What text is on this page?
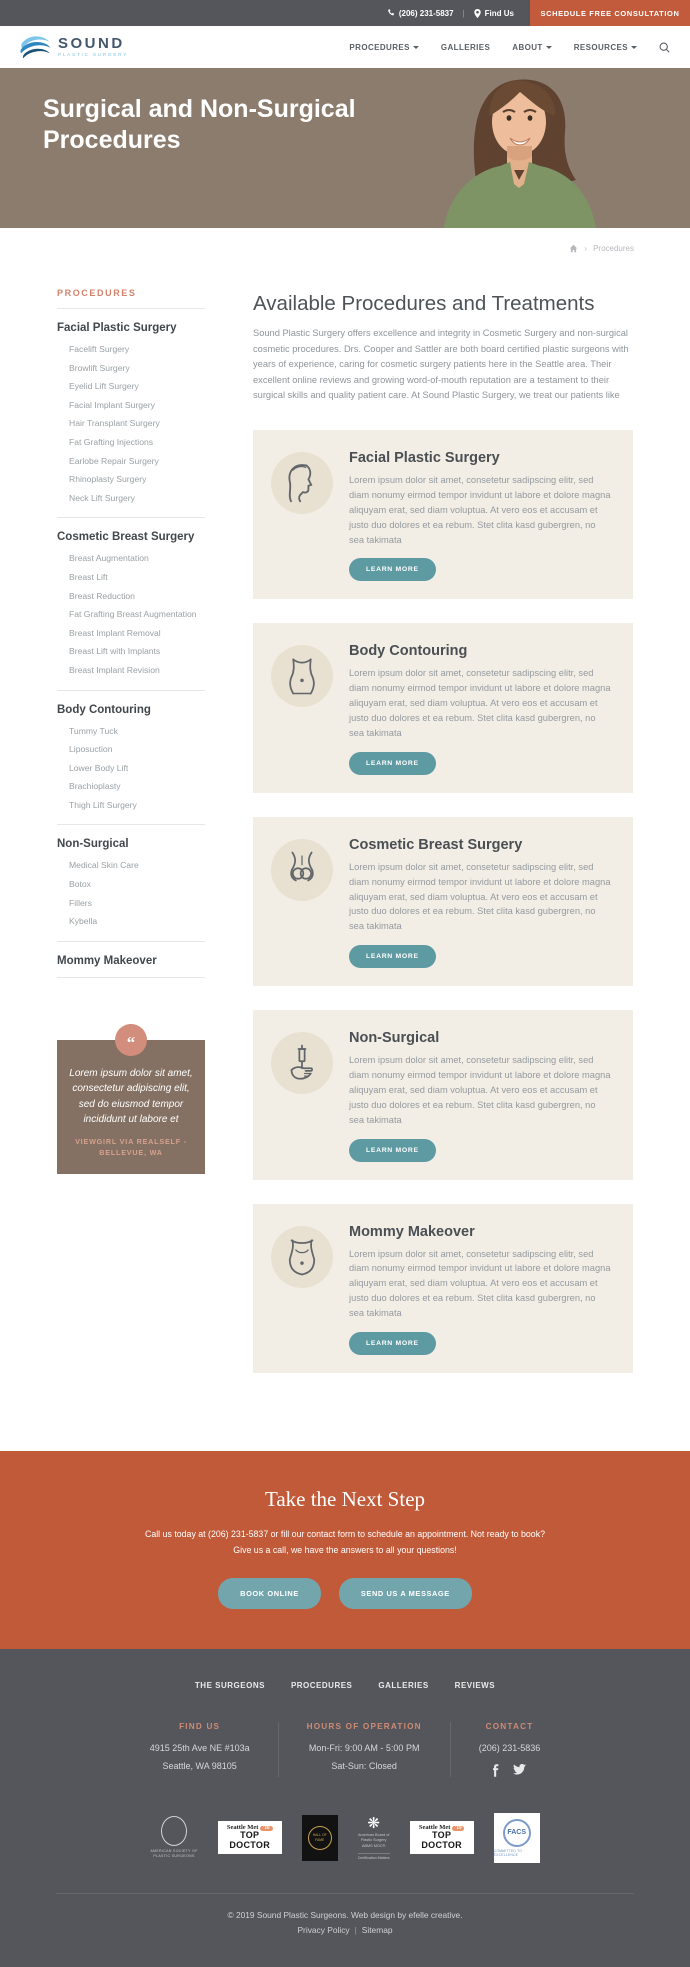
(206) 231-5837 |	Find Us	SCHEDULE FREE CONSULTATION
SOUND
PLASTIC SURGERY
PROCEDURES	GALLERIES	ABOUT	RESOURCES
Surgical and Non-Surgical Procedures
› Procedures
PROCEDURES
Facial Plastic Surgery
Facelift Surgery
Browlift Surgery
Eyelid Lift Surgery
Facial Implant Surgery
Hair Transplant Surgery
Fat Grafting Injections
Earlobe Repair Surgery
Rhinoplasty Surgery
Neck Lift Surgery
Cosmetic Breast Surgery
Breast Augmentation
Breast Lift
Breast Reduction
Fat Grafting Breast Augmentation
Breast Implant Removal
Breast Lift with Implants
Breast Implant Revision
Body Contouring
Tummy Tuck
Liposuction
Lower Body Lift
Brachioplasty
Thigh Lift Surgery
Non-Surgical
Medical Skin Care
Botox
Fillers
Kybella
Mommy Makeover
“
Lorem ipsum dolor sit amet, consectetur adipiscing elit, sed do eiusmod tempor incididunt ut labore et
VIEWGIRL VIA REALSELF - BELLEVUE, WA
Available Procedures and Treatments

Sound Plastic Surgery offers excellence and integrity in Cosmetic Surgery and non-surgical cosmetic procedures. Drs. Cooper and Sattler are both board certified plastic surgeons with years of experience, caring for cosmetic surgery patients here in the Seattle area. Their excellent online reviews and growing word-of-mouth reputation are a testament to their surgical skills and quality patient care. At Sound Plastic Surgery, we treat our patients like

Facial Plastic Surgery

Lorem ipsum dolor sit amet, consetetur sadipscing elitr, sed diam nonumy eirmod tempor invidunt ut labore et dolore magna aliquyam erat, sed diam voluptua. At vero eos et accusam et justo duo dolores et ea rebum. Stet clita kasd gubergren, no sea takimata

LEARN MORE
Body Contouring

Lorem ipsum dolor sit amet, consetetur sadipscing elitr, sed diam nonumy eirmod tempor invidunt ut labore et dolore magna aliquyam erat, sed diam voluptua. At vero eos et accusam et justo duo dolores et ea rebum. Stet clita kasd gubergren, no sea takimata

LEARN MORE
Cosmetic Breast Surgery

Lorem ipsum dolor sit amet, consetetur sadipscing elitr, sed diam nonumy eirmod tempor invidunt ut labore et dolore magna aliquyam erat, sed diam voluptua. At vero eos et accusam et justo duo dolores et ea rebum. Stet clita kasd gubergren, no sea takimata

LEARN MORE
Non-Surgical

Lorem ipsum dolor sit amet, consetetur sadipscing elitr, sed diam nonumy eirmod tempor invidunt ut labore et dolore magna aliquyam erat, sed diam voluptua. At vero eos et accusam et justo duo dolores et ea rebum. Stet clita kasd gubergren, no sea takimata

LEARN MORE
Mommy Makeover

Lorem ipsum dolor sit amet, consetetur sadipscing elitr, sed diam nonumy eirmod tempor invidunt ut labore et dolore magna aliquyam erat, sed diam voluptua. At vero eos et accusam et justo duo dolores et ea rebum. Stet clita kasd gubergren, no sea takimata

LEARN MORE
Take the Next Step

Call us today at (206) 231-5837 or fill our contact form to schedule an appointment. Not ready to book? Give us a call, we have the answers to all your questions!

BOOK ONLINE	SEND US A MESSAGE
THE SURGEONS	PROCEDURES	GALLERIES	REVIEWS
FIND US
4915 25th Ave NE #103a
Seattle, WA 98105
HOURS OF OPERATION
Mon-Fri: 9:00 AM - 5:00 PM
Sat-Sun: Closed
CONTACT
(206) 231-5836
AMERICAN SOCIETY OF
PLASTIC SURGEONS
Seattle Met '18
TOP DOCTOR
HALL OF FAME
❋
American Board of
Plastic Surgery
ABMS MOC®
Certification Matters
Seattle Met '19
TOP DOCTOR
FACS
COMMITTED TO EXCELLENCE
© 2019 Sound Plastic Surgeons. Web design by efelle creative.
Privacy Policy | Sitemap
